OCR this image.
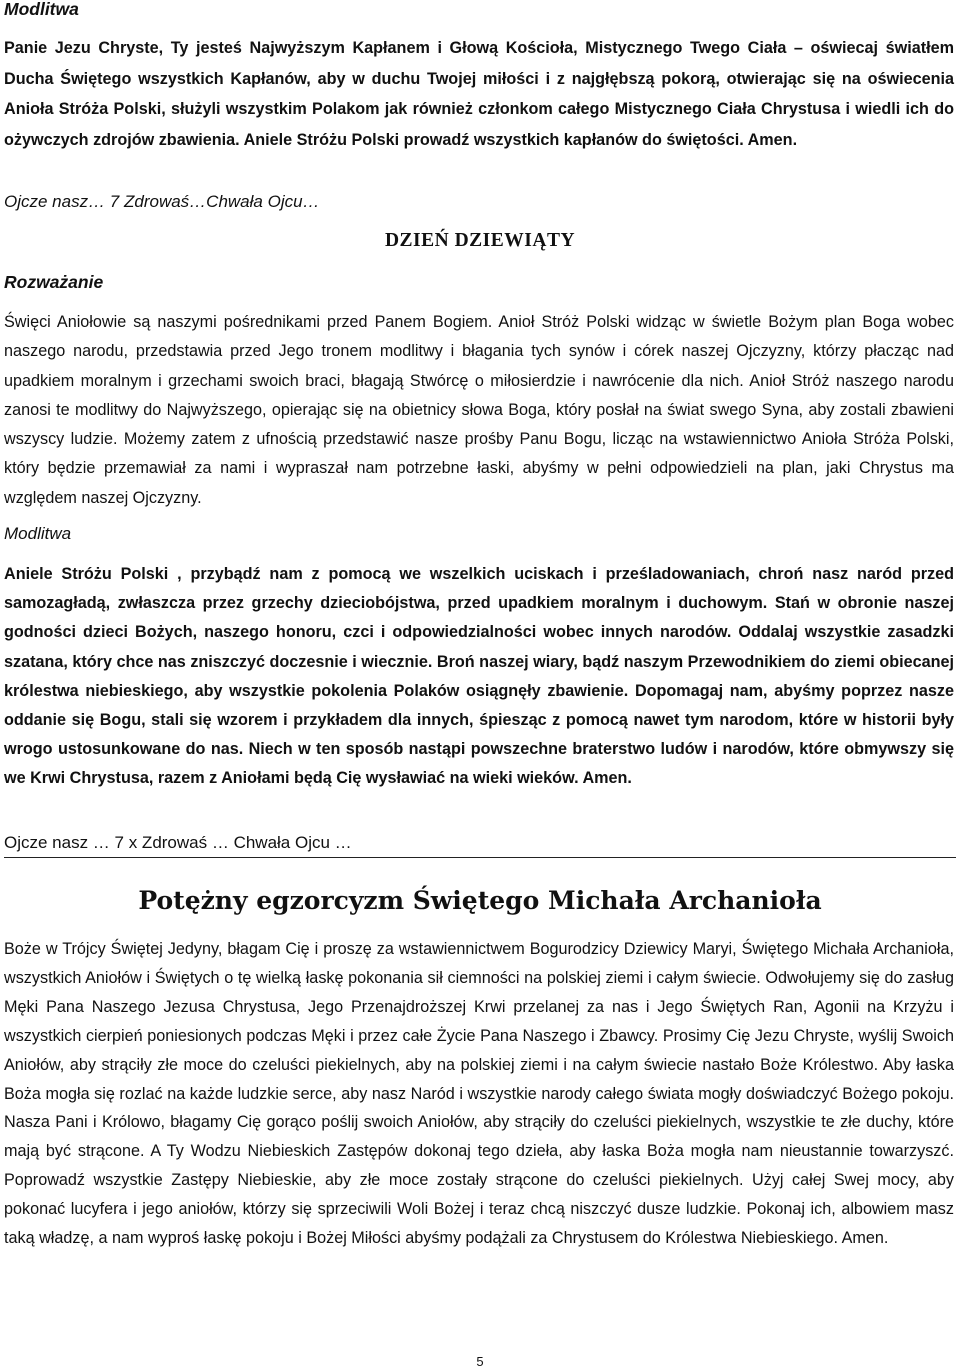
Modlitwa

Panie Jezu Chryste, Ty jesteś Najwyższym Kapłanem i Głową Kościoła, Mistycznego Twego Ciała – oświecaj światłem Ducha Świętego wszystkich Kapłanów, aby w duchu Twojej miłości i z najgłębszą pokorą, otwierając się na oświecenia Anioła Stróża Polski, służyli wszystkim Polakom jak również członkom całego Mistycznego Ciała Chrystusa i wiedli ich do ożywczych zdrojów zbawienia. Aniele Stróżu Polski prowadź wszystkich kapłanów do świętości. Amen.

Ojcze nasz… 7 Zdrowaś…Chwała Ojcu…

DZIEŃ DZIEWIĄTY

Rozważanie

Święci Aniołowie są naszymi pośrednikami przed Panem Bogiem. Anioł Stróż Polski widząc w świetle Bożym plan Boga wobec naszego narodu, przedstawia przed Jego tronem modlitwy i błagania tych synów i córek naszej Ojczyzny, którzy płacząc nad upadkiem moralnym i grzechami swoich braci, błagają Stwórcę o miłosierdzie i nawrócenie dla nich. Anioł Stróż naszego narodu zanosi te modlitwy do Najwyższego, opierając się na obietnicy słowa Boga, który posłał na świat swego Syna, aby zostali zbawieni wszyscy ludzie. Możemy zatem z ufnością przedstawić nasze prośby Panu Bogu, licząc na wstawiennictwo Anioła Stróża Polski, który będzie przemawiał za nami i wypraszał nam potrzebne łaski, abyśmy w pełni odpowiedzieli na plan, jaki Chrystus ma względem naszej Ojczyzny.

Modlitwa

Aniele Stróżu Polski , przybądź nam z pomocą we wszelkich uciskach i prześladowaniach, chroń nasz naród przed samozagładą, zwłaszcza przez grzechy dzieciobójstwa, przed upadkiem moralnym i duchowym. Stań w obronie naszej godności dzieci Bożych, naszego honoru, czci i odpowiedzialności wobec innych narodów. Oddalaj wszystkie zasadzki szatana, który chce nas zniszczyć doczesnie i wiecznie. Broń naszej wiary, bądź naszym Przewodnikiem do ziemi obiecanej królestwa niebieskiego, aby wszystkie pokolenia Polaków osiągnęły zbawienie. Dopomagaj nam, abyśmy poprzez nasze oddanie się Bogu, stali się wzorem i przykładem dla innych, śpiesząc z pomocą nawet tym narodom, które w historii były wrogo ustosunkowane do nas. Niech w ten sposób nastąpi powszechne braterstwo ludów i narodów, które obmywszy się we Krwi Chrystusa, razem z Aniołami będą Cię wysławiać na wieki wieków. Amen.

Ojcze nasz … 7 x Zdrowaś … Chwała Ojcu …

Potężny egzorcyzm Świętego Michała Archanioła

Boże w Trójcy Świętej Jedyny, błagam Cię i proszę za wstawiennictwem Bogurodzicy Dziewicy Maryi, Świętego Michała Archanioła, wszystkich Aniołów i Świętych o tę wielką łaskę pokonania sił ciemności na polskiej ziemi i całym świecie. Odwołujemy się do zasług Męki Pana Naszego Jezusa Chrystusa, Jego Przenajdroższej Krwi przelanej za nas i Jego Świętych Ran, Agonii na Krzyżu i wszystkich cierpień poniesionych podczas Męki i przez całe Życie Pana Naszego i Zbawcy. Prosimy Cię Jezu Chryste, wyślij Swoich Aniołów, aby strąciły złe moce do czeluści piekielnych, aby na polskiej ziemi i na całym świecie nastało Boże Królestwo. Aby łaska Boża mogła się rozlać na każde ludzkie serce, aby nasz Naród i wszystkie narody całego świata mogły doświadczyć Bożego pokoju. Nasza Pani i Królowo, błagamy Cię gorąco poślij swoich Aniołów, aby strąciły do czeluści piekielnych, wszystkie te złe duchy, które mają być strącone. A Ty Wodzu Niebieskich Zastępów dokonaj tego dzieła, aby łaska Boża mogła nam nieustannie towarzyszć. Poprowadź wszystkie Zastępy Niebieskie, aby złe moce zostały strącone do czeluści piekielnych. Użyj całej Swej mocy, aby pokonać lucyfera i jego aniołów, którzy się sprzeciwili Woli Bożej i teraz chcą niszczyć dusze ludzkie. Pokonaj ich, albowiem masz taką władzę, a nam wyproś łaskę pokoju i Bożej Miłości abyśmy podążali za Chrystusem do Królestwa Niebieskiego. Amen.

5
